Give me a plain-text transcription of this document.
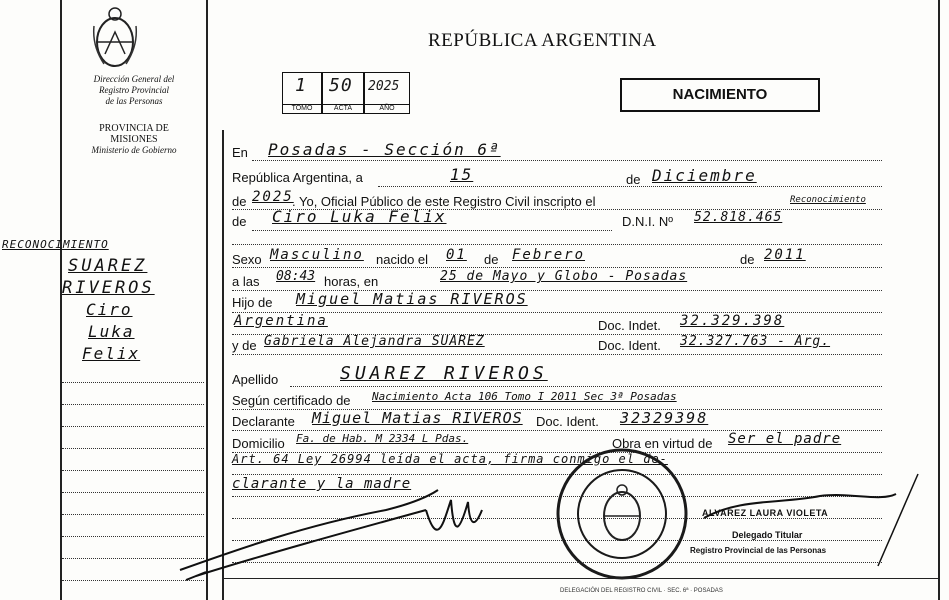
Dirección General del
Registro Provincial
de las Personas
PROVINCIA DE
MISIONES
Ministerio de Gobierno
REPÚBLICA ARGENTINA
1
TOMO
50
ACTA
2025
AÑO
NACIMIENTO
RECONOCIMIENTO
SUAREZ
RIVEROS
Ciro
Luka
Felix
En Posadas - Sección 6ª
República Argentina, a	15	de Diciembre
de 2025
. Yo, Oficial Público de este Registro Civil inscripto el	Reconocimiento
de Ciro Luka Felix	D.N.I. Nº 52.818.465
Sexo Masculino nacido el 01 de Febrero	de 2011
a las 08:43 horas, en	25 de Mayo y Globo - Posadas
Hijo de Miguel Matias RIVEROS
Argentina	Doc. Indet. 32.329.398
y de Gabriela Alejandra SUAREZ	Doc. Ident. 32.327.763 - Arg.
Apellido	SUAREZ RIVEROS
Según certificado de Nacimiento Acta 106 Tomo I 2011 Sec 3ª Posadas
Declarante Miguel Matias RIVEROS Doc. Ident. 32329398
Domicilio Fa. de Hab. M 2334 L Pdas.	Obra en virtud de Ser el padre
Art. 64 Ley 26994 leída el acta, firma conmigo el de-
clarante y la madre
DELEGACIÓN DEL REGISTRO CIVIL · SEC. 6ª · POSADAS
ALVAREZ LAURA VIOLETA
Delegado Titular
Registro Provincial de las Personas
